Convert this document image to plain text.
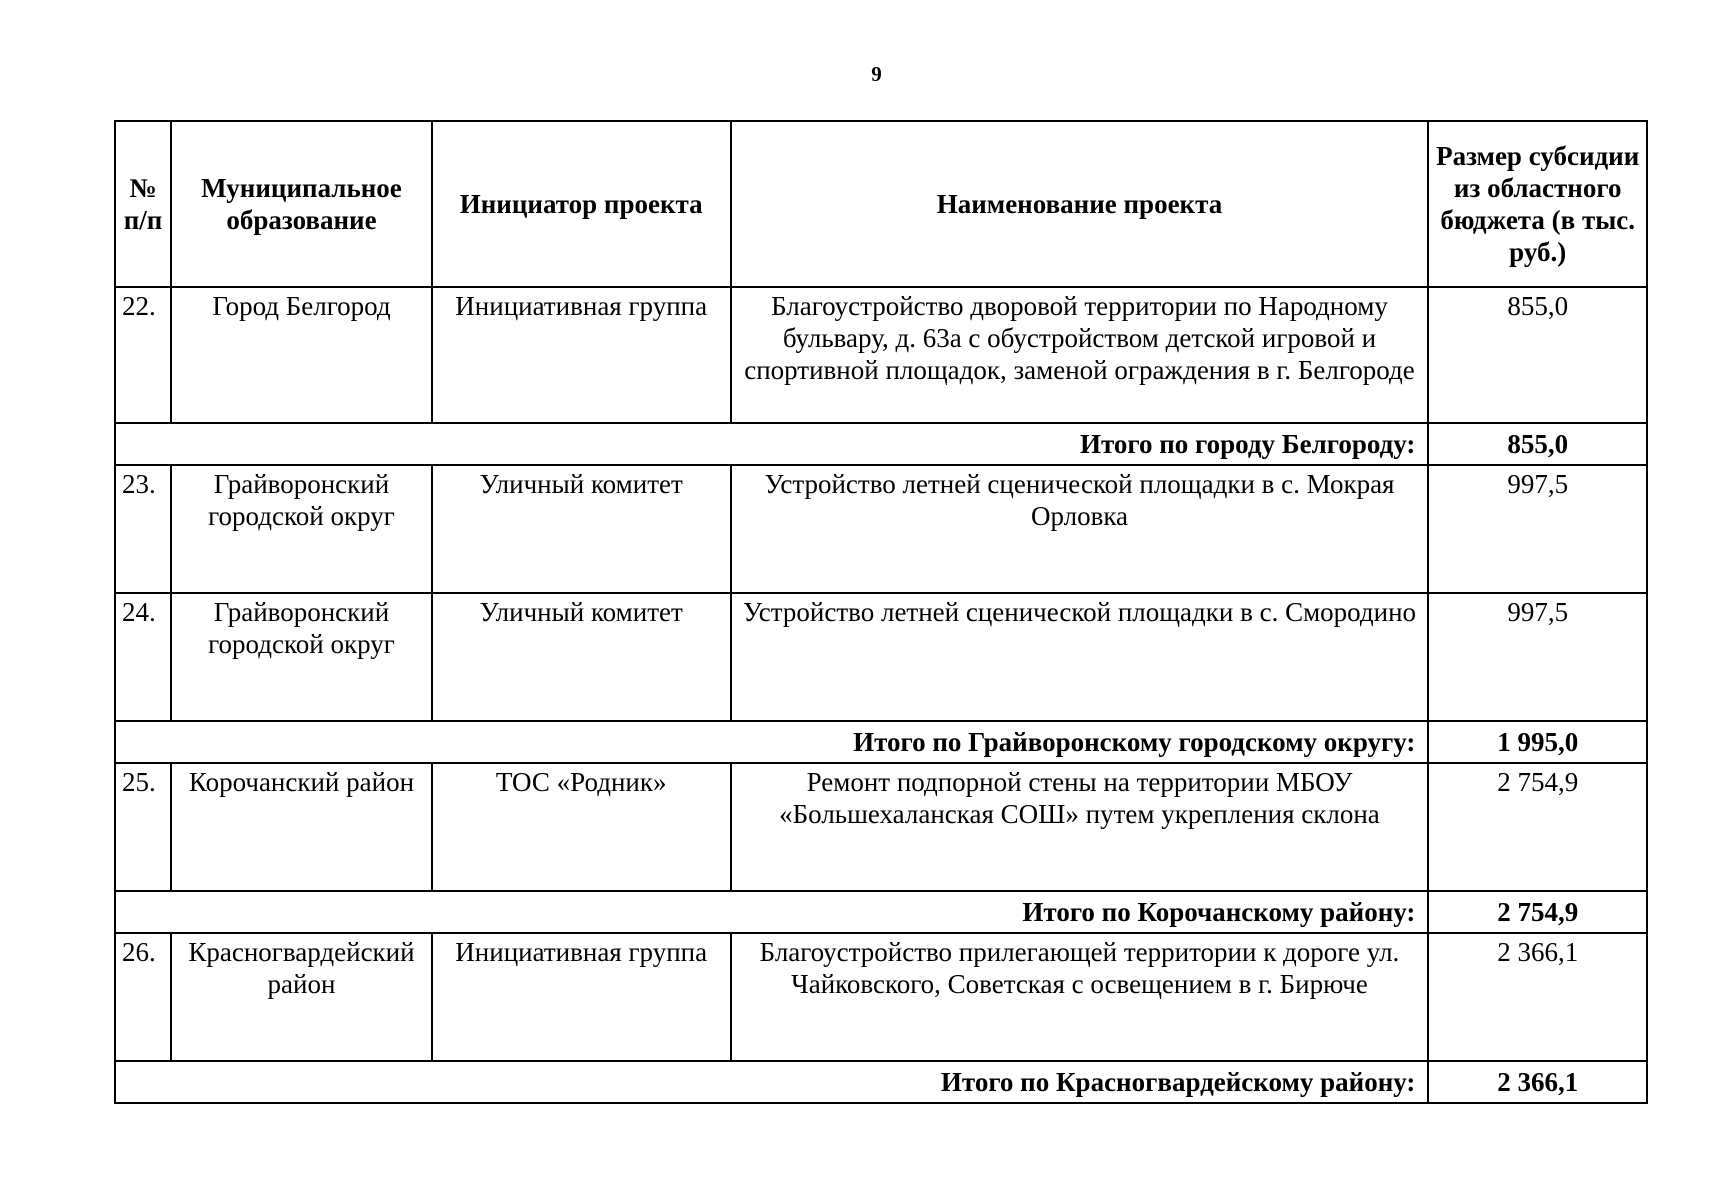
9
№ п/п	Муниципальное образование	Инициатор проекта	Наименование проекта	Размер субсидии из областного бюджета (в тыс. руб.)
22.	Город Белгород	Инициативная группа	Благоустройство дворовой территории по Народному бульвару, д. 63а с обустройством детской игровой и спортивной площадок, заменой ограждения в г. Белгороде	855,0
Итого по городу Белгороду:				855,0
23.	Грайворонский городской округ	Уличный комитет	Устройство летней сценической площадки в с. Мокрая Орловка	997,5
24.	Грайворонский городской округ	Уличный комитет	Устройство летней сценической площадки в с. Смородино	997,5
Итого по Грайворонскому городскому округу:				1 995,0
25.	Корочанский район	ТОС «Родник»	Ремонт подпорной стены на территории МБОУ «Большехаланская СОШ» путем укрепления склона	2 754,9
Итого по Корочанскому району:				2 754,9
26.	Красногвардейский район	Инициативная группа	Благоустройство прилегающей территории к дороге ул. Чайковского, Советская с освещением в г. Бирюче	2 366,1
Итого по Красногвардейскому району:				2 366,1
